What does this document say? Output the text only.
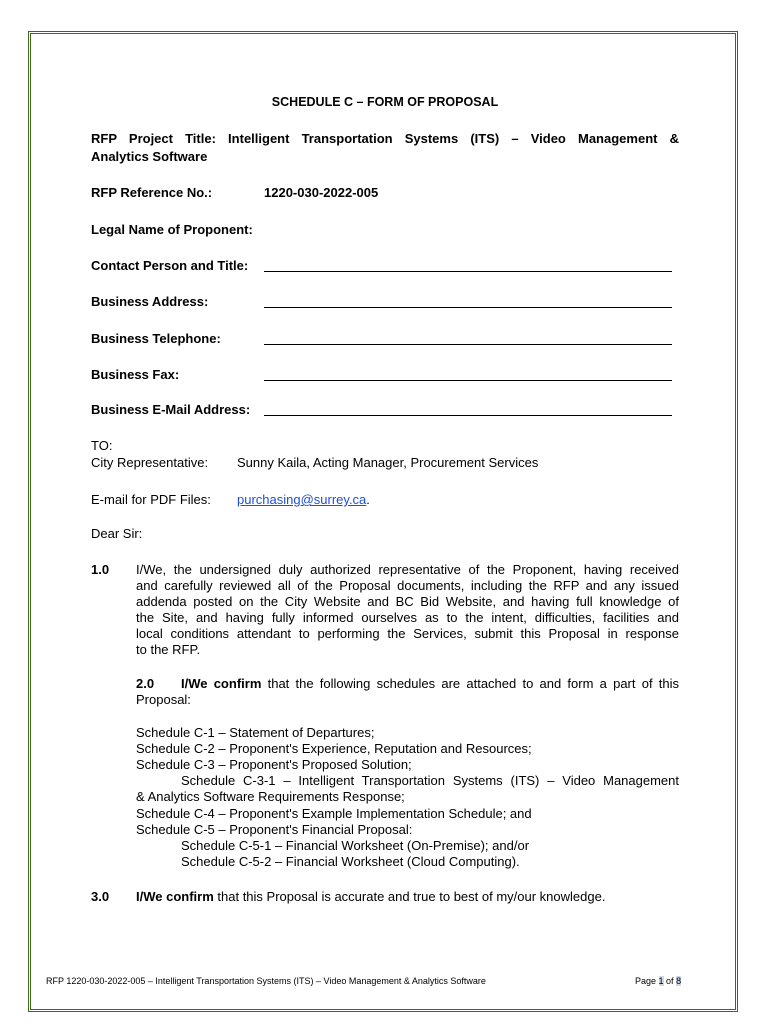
SCHEDULE C – FORM OF PROPOSAL
RFP Project Title: Intelligent Transportation Systems (ITS) – Video Management &
Analytics Software
RFP Reference No.:	1220-030-2022-005
Legal Name of Proponent:
Contact Person and Title:
Business Address:
Business Telephone:
Business Fax:
Business E-Mail Address:
TO:
City Representative: Sunny Kaila, Acting Manager, Procurement Services
E-mail for PDF Files: purchasing@surrey.ca.
Dear Sir:
1.0 I/We, the undersigned duly authorized representative of the Proponent, having received
and carefully reviewed all of the Proposal documents, including the RFP and any issued
addenda posted on the City Website and BC Bid Website, and having full knowledge of
the Site, and having fully informed ourselves as to the intent, difficulties, facilities and
local conditions attendant to performing the Services, submit this Proposal in response
to the RFP.
2.0 I/We confirm that the following schedules are attached to and form a part of this
Proposal:
Schedule C-1 – Statement of Departures;
Schedule C-2 – Proponent's Experience, Reputation and Resources;
Schedule C-3 – Proponent's Proposed Solution;
Schedule C-3-1 – Intelligent Transportation Systems (ITS) – Video Management
& Analytics Software Requirements Response;
Schedule C-4 – Proponent's Example Implementation Schedule; and
Schedule C-5 – Proponent's Financial Proposal:
Schedule C-5-1 – Financial Worksheet (On-Premise); and/or
Schedule C-5-2 – Financial Worksheet (Cloud Computing).
3.0 I/We confirm that this Proposal is accurate and true to best of my/our knowledge.
RFP 1220-030-2022-005 – Intelligent Transportation Systems (ITS) – Video Management & Analytics Software	Page 1 of 8
